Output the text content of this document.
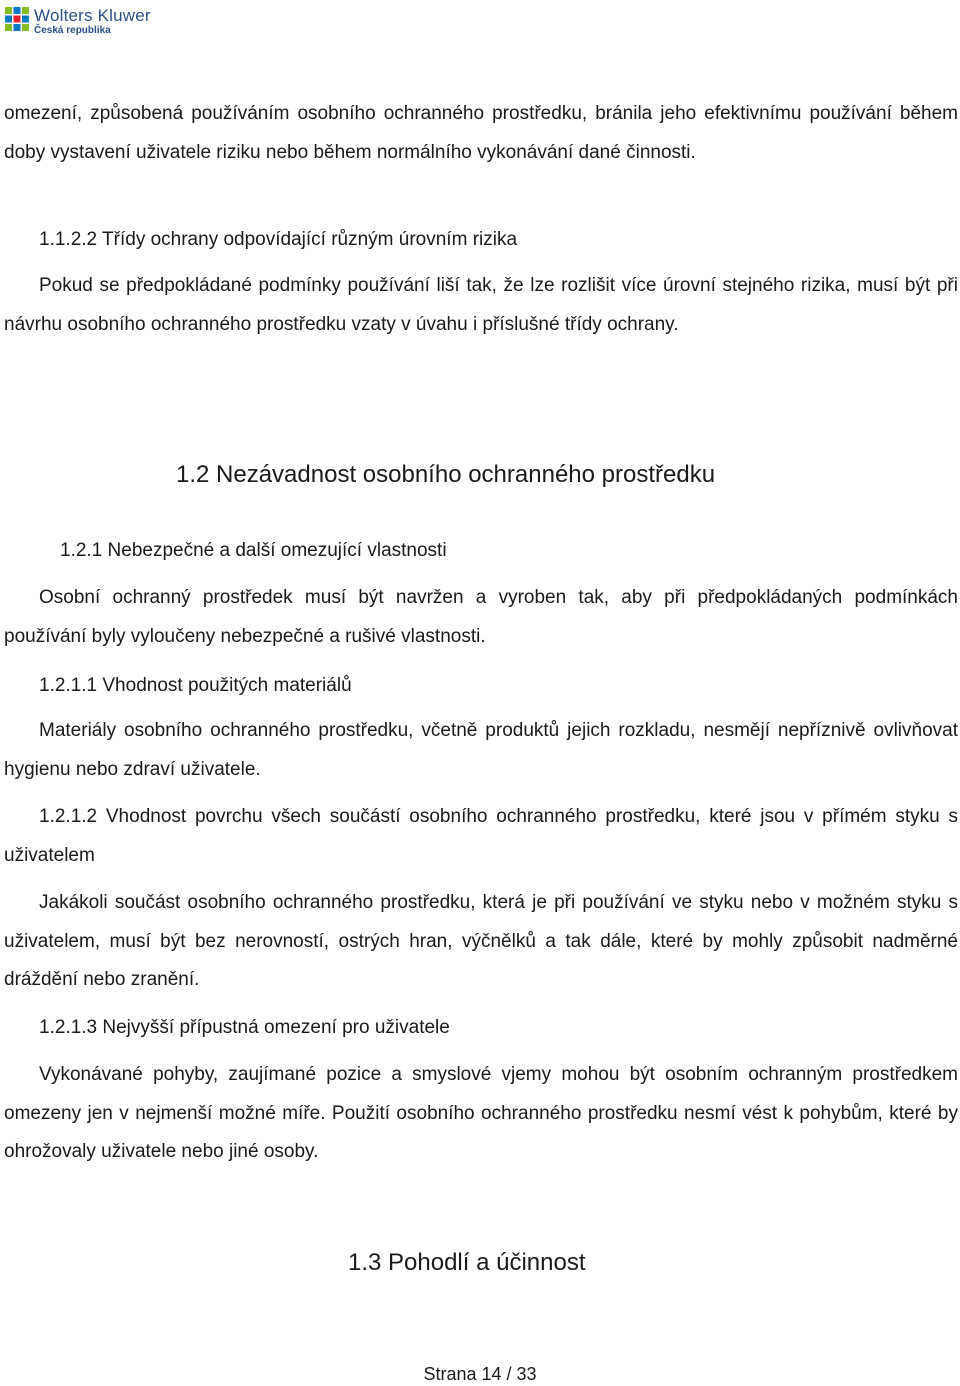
Wolters Kluwer
Česká republika

omezení, způsobená používáním osobního ochranného prostředku, bránila jeho efektivnímu používání během doby vystavení uživatele riziku nebo během normálního vykonávání dané činnosti.

1.1.2.2 Třídy ochrany odpovídající různým úrovním rizika

Pokud se předpokládané podmínky používání liší tak, že lze rozlišit více úrovní stejného rizika, musí být při návrhu osobního ochranného prostředku vzaty v úvahu i příslušné třídy ochrany.

1.2 Nezávadnost osobního ochranného prostředku

1.2.1 Nebezpečné a další omezující vlastnosti

Osobní ochranný prostředek musí být navržen a vyroben tak, aby při předpokládaných podmínkách používání byly vyloučeny nebezpečné a rušivé vlastnosti.

1.2.1.1 Vhodnost použitých materiálů

Materiály osobního ochranného prostředku, včetně produktů jejich rozkladu, nesmějí nepříznivě ovlivňovat hygienu nebo zdraví uživatele.

1.2.1.2 Vhodnost povrchu všech součástí osobního ochranného prostředku, které jsou v přímém styku s uživatelem

Jakákoli součást osobního ochranného prostředku, která je při používání ve styku nebo v možném styku s uživatelem, musí být bez nerovností, ostrých hran, výčnělků a tak dále, které by mohly způsobit nadměrné dráždění nebo zranění.

1.2.1.3 Nejvyšší přípustná omezení pro uživatele

Vykonávané pohyby, zaujímané pozice a smyslové vjemy mohou být osobním ochranným prostředkem omezeny jen v nejmenší možné míře. Použití osobního ochranného prostředku nesmí vést k pohybům, které by ohrožovaly uživatele nebo jiné osoby.

1.3 Pohodlí a účinnost

Strana 14 / 33
